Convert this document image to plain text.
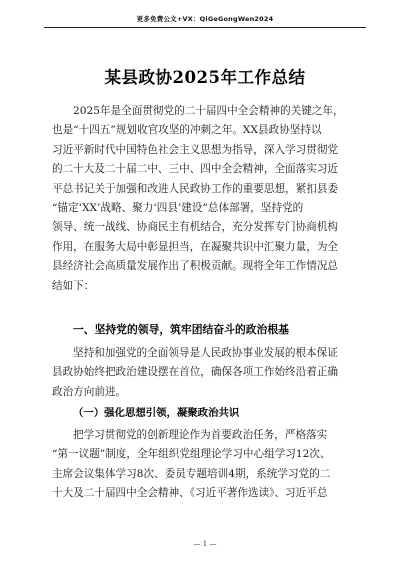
更多免费公文+VX：QiGeGongWen2024
某县政协2025年工作总结
2025年是全面贯彻党的二十届四中全会精神的关键之年，
也是“十四五”规划收官攻坚的冲刺之年。XX县政协坚持以
习近平新时代中国特色社会主义思想为指导，深入学习贯彻党
的二十大及二十届二中、三中、四中全会精神，全面落实习近
平总书记关于加强和改进人民政协工作的重要思想，紧扣县委
“锚定‘XX’战略、聚力‘四县’建设”总体部署，坚持党的
领导、统一战线、协商民主有机结合，充分发挥专门协商机构
作用，在服务大局中彰显担当，在凝聚共识中汇聚力量，为全
县经济社会高质量发展作出了积极贡献。现将全年工作情况总
结如下：
一、坚持党的领导，筑牢团结奋斗的政治根基
坚持和加强党的全面领导是人民政协事业发展的根本保证
县政协始终把政治建设摆在首位，确保各项工作始终沿着正确
政治方向前进。
（一）强化思想引领，凝聚政治共识
把学习贯彻党的创新理论作为首要政治任务，严格落实
“第一议题”制度，全年组织党组理论学习中心组学习12次、
主席会议集体学习8次、委员专题培训4期，系统学习党的二
十大及二十届四中全会精神、《习近平著作选读》、习近平总
— 1 —
